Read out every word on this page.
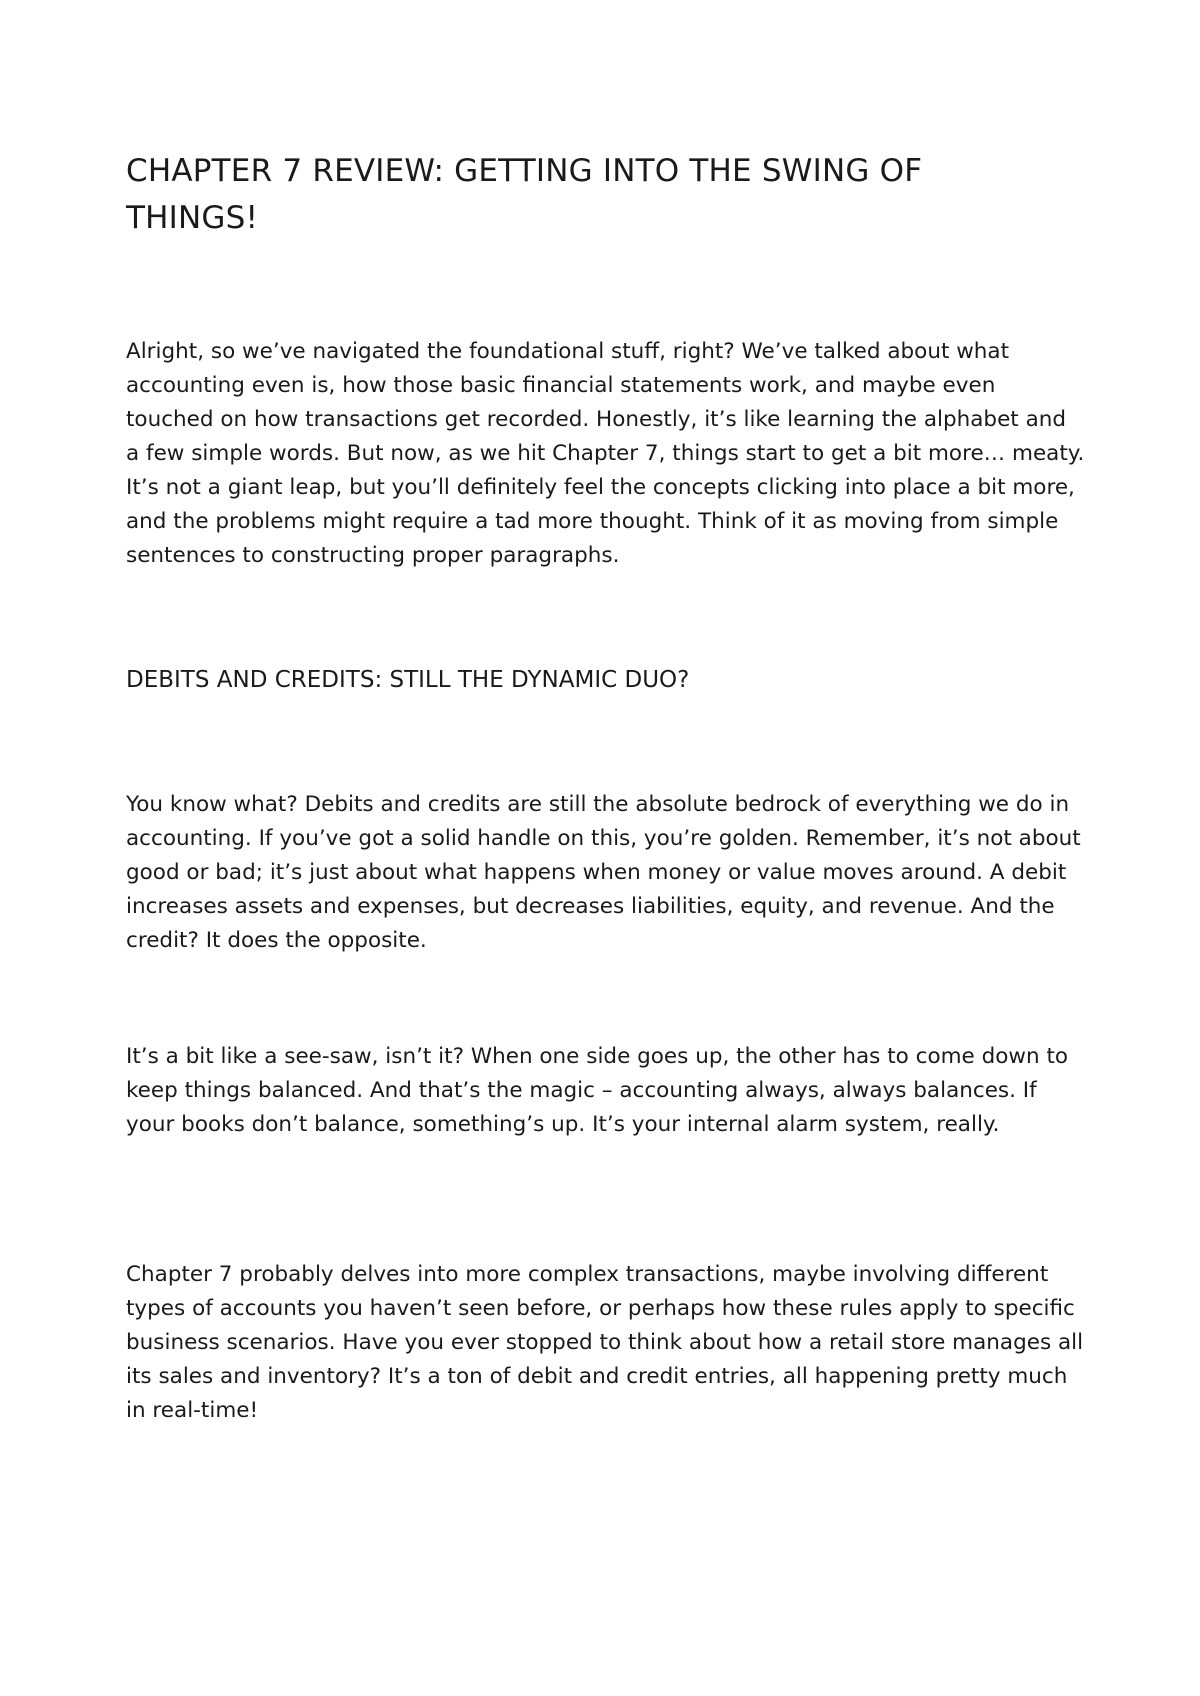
CHAPTER 7 REVIEW: GETTING INTO THE SWING OF THINGS!

Alright, so we’ve navigated the foundational stuff, right? We’ve talked about what accounting even is, how those basic financial statements work, and maybe even touched on how transactions get recorded. Honestly, it’s like learning the alphabet and a few simple words. But now, as we hit Chapter 7, things start to get a bit more… meaty. It’s not a giant leap, but you’ll definitely feel the concepts clicking into place a bit more, and the problems might require a tad more thought. Think of it as moving from simple sentences to constructing proper paragraphs.

DEBITS AND CREDITS: STILL THE DYNAMIC DUO?

You know what? Debits and credits are still the absolute bedrock of everything we do in accounting. If you’ve got a solid handle on this, you’re golden. Remember, it’s not about good or bad; it’s just about what happens when money or value moves around. A debit increases assets and expenses, but decreases liabilities, equity, and revenue. And the credit? It does the opposite.

It’s a bit like a see-saw, isn’t it? When one side goes up, the other has to come down to keep things balanced. And that’s the magic – accounting always, always balances. If your books don’t balance, something’s up. It’s your internal alarm system, really.

Chapter 7 probably delves into more complex transactions, maybe involving different types of accounts you haven’t seen before, or perhaps how these rules apply to specific business scenarios. Have you ever stopped to think about how a retail store manages all its sales and inventory? It’s a ton of debit and credit entries, all happening pretty much in real-time!
